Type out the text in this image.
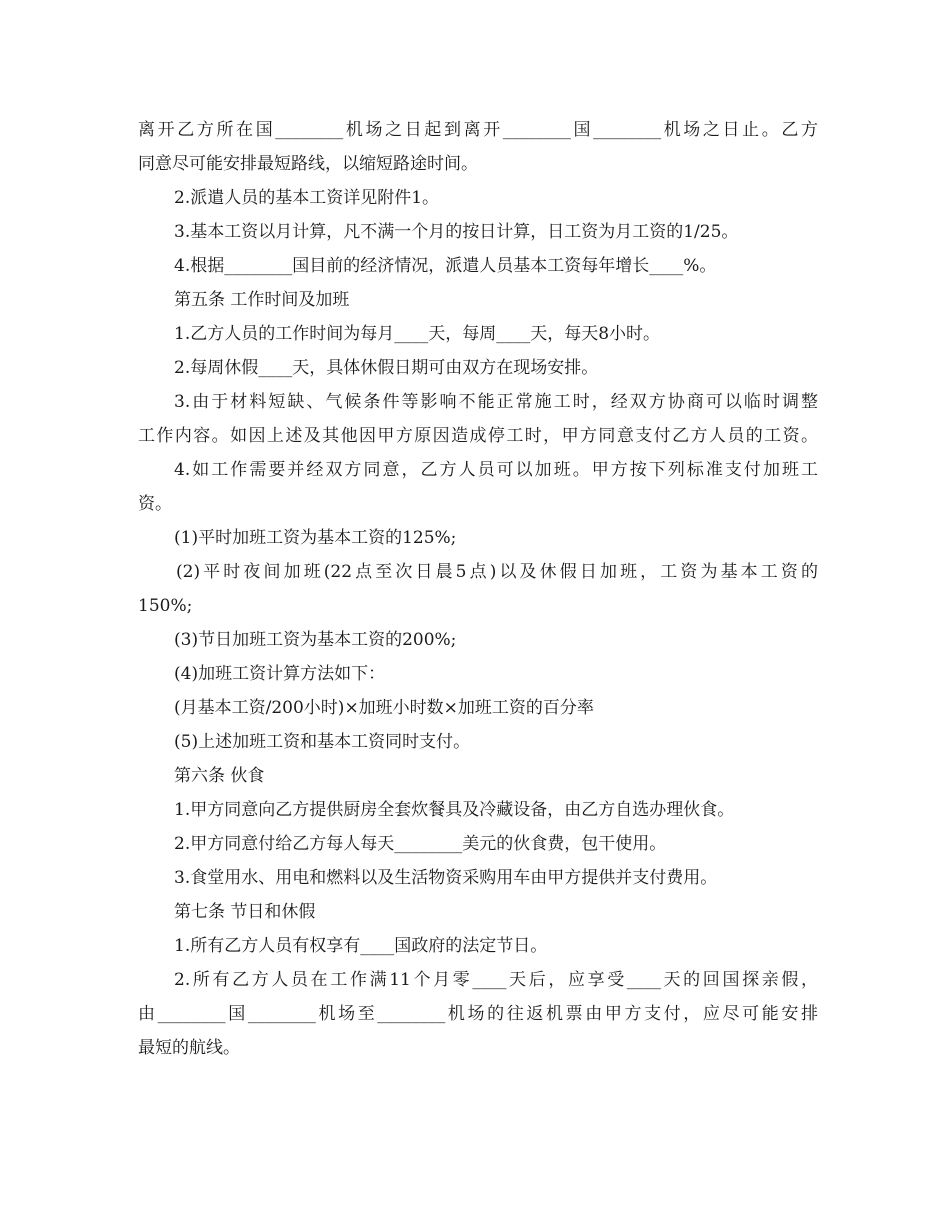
离开乙方所在国________机场之日起到离开________国________机场之日止。乙方
同意尽可能安排最短路线，以缩短路途时间。
2.派遣人员的基本工资详见附件1。
3.基本工资以月计算，凡不满一个月的按日计算，日工资为月工资的1/25。
4.根据________国目前的经济情况，派遣人员基本工资每年增长____%。
第五条 工作时间及加班
1.乙方人员的工作时间为每月____天，每周____天，每天8小时。
2.每周休假____天，具体休假日期可由双方在现场安排。
3.由于材料短缺、气候条件等影响不能正常施工时，经双方协商可以临时调整
工作内容。如因上述及其他因甲方原因造成停工时，甲方同意支付乙方人员的工资。
4.如工作需要并经双方同意，乙方人员可以加班。甲方按下列标准支付加班工
资。
(1)平时加班工资为基本工资的125%;
(2)平时夜间加班(22点至次日晨5点)以及休假日加班，工资为基本工资的
150%;
(3)节日加班工资为基本工资的200%;
(4)加班工资计算方法如下：
(月基本工资/200小时)×加班小时数×加班工资的百分率
(5)上述加班工资和基本工资同时支付。
第六条 伙食
1.甲方同意向乙方提供厨房全套炊餐具及冷藏设备，由乙方自选办理伙食。
2.甲方同意付给乙方每人每天________美元的伙食费，包干使用。
3.食堂用水、用电和燃料以及生活物资采购用车由甲方提供并支付费用。
第七条 节日和休假
1.所有乙方人员有权享有____国政府的法定节日。
2.所有乙方人员在工作满11个月零____天后，应享受____天的回国探亲假，
由________国________机场至________机场的往返机票由甲方支付，应尽可能安排
最短的航线。
